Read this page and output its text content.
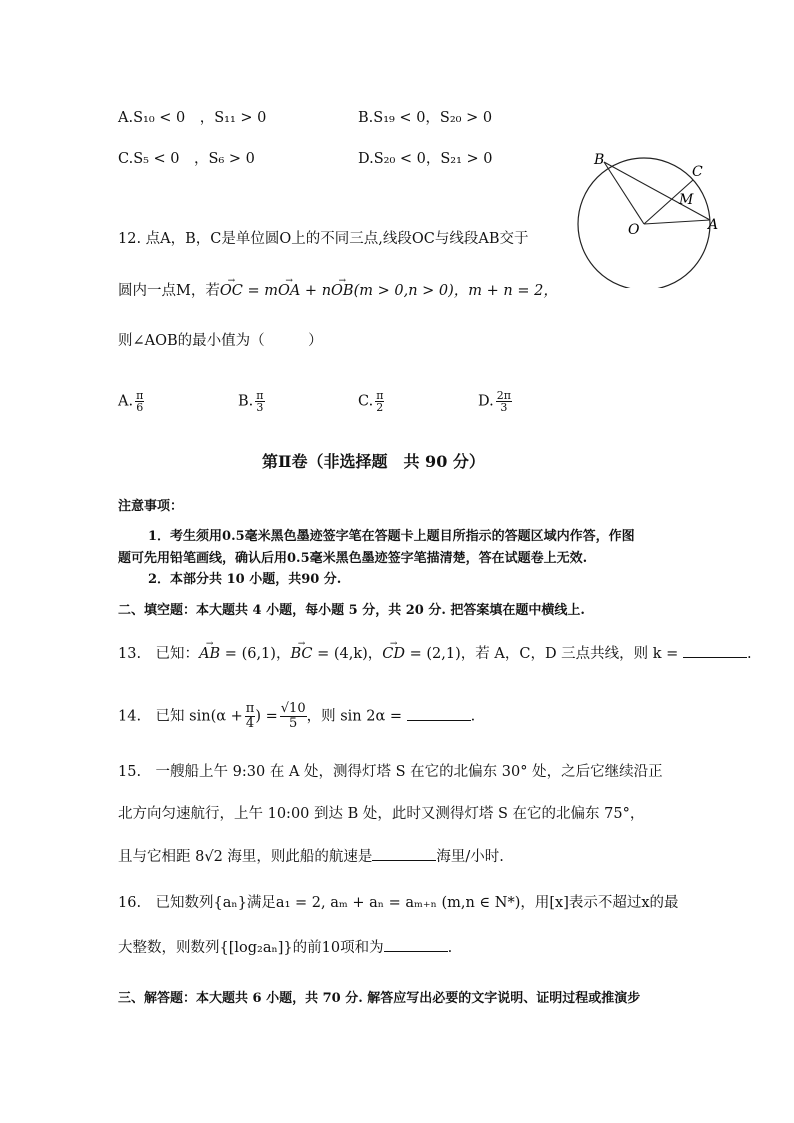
A.S₁₀ < 0　，S₁₁ > 0	B.S₁₉ < 0，S₂₀ > 0
C.S₅ < 0　，S₆ > 0	D.S₂₀ < 0，S₂₁ > 0	B
C
M
O	A
12. 点A，B，C是单位圆O上的不同三点,线段OC与线段AB交于
圆内一点M，若→ OC = m→ OA + n→ OB(m > 0,n > 0)，m + n = 2，
则∠AOB的最小值为（　　　）
A. $\frac{\pi}{6}$	B. $\frac{\pi}{3}$	C. $\frac{\pi}{2}$	D. $\frac{2\pi}{3}$
第Ⅱ卷（非选择题　共 90 分）
注意事项：
1．考生须用0.5毫米黑色墨迹签字笔在答题卡上题目所指示的答题区域内作答，作图
题可先用铅笔画线，确认后用0.5毫米黑色墨迹签字笔描清楚，答在试题卷上无效.
2．本部分共 10 小题，共90 分.
二、填空题：本大题共 4 小题，每小题 5 分，共 20 分. 把答案填在题中横线上.
13.　已知：→ AB = (6,1)，→ BC = (4,k)，→ CD = (2,1)，若 A，C，D 三点共线，则 k =	.
14.　已知 $\sin(\alpha + \frac{\pi}{4}$ ) = $\frac{√10}{5}$ ，则 sin 2α =	.
15.　一艘船上午 9:30 在 A 处，测得灯塔 S 在它的北偏东 30° 处，之后它继续沿正
北方向匀速航行，上午 10:00 到达 B 处，此时又测得灯塔 S 在它的北偏东 75°，
且与它相距 8√2 海里，则此船的航速是	海里/小时.
16.　已知数列{aₙ}满足a₁ = 2, aₘ + aₙ = aₘ₊ₙ (m,n ∈ N*)，用[x]表示不超过x的最
大整数，则数列{[log₂aₙ]}的前10项和为	.
三、解答题：本大题共 6 小题，共 70 分. 解答应写出必要的文字说明、证明过程或推演步
